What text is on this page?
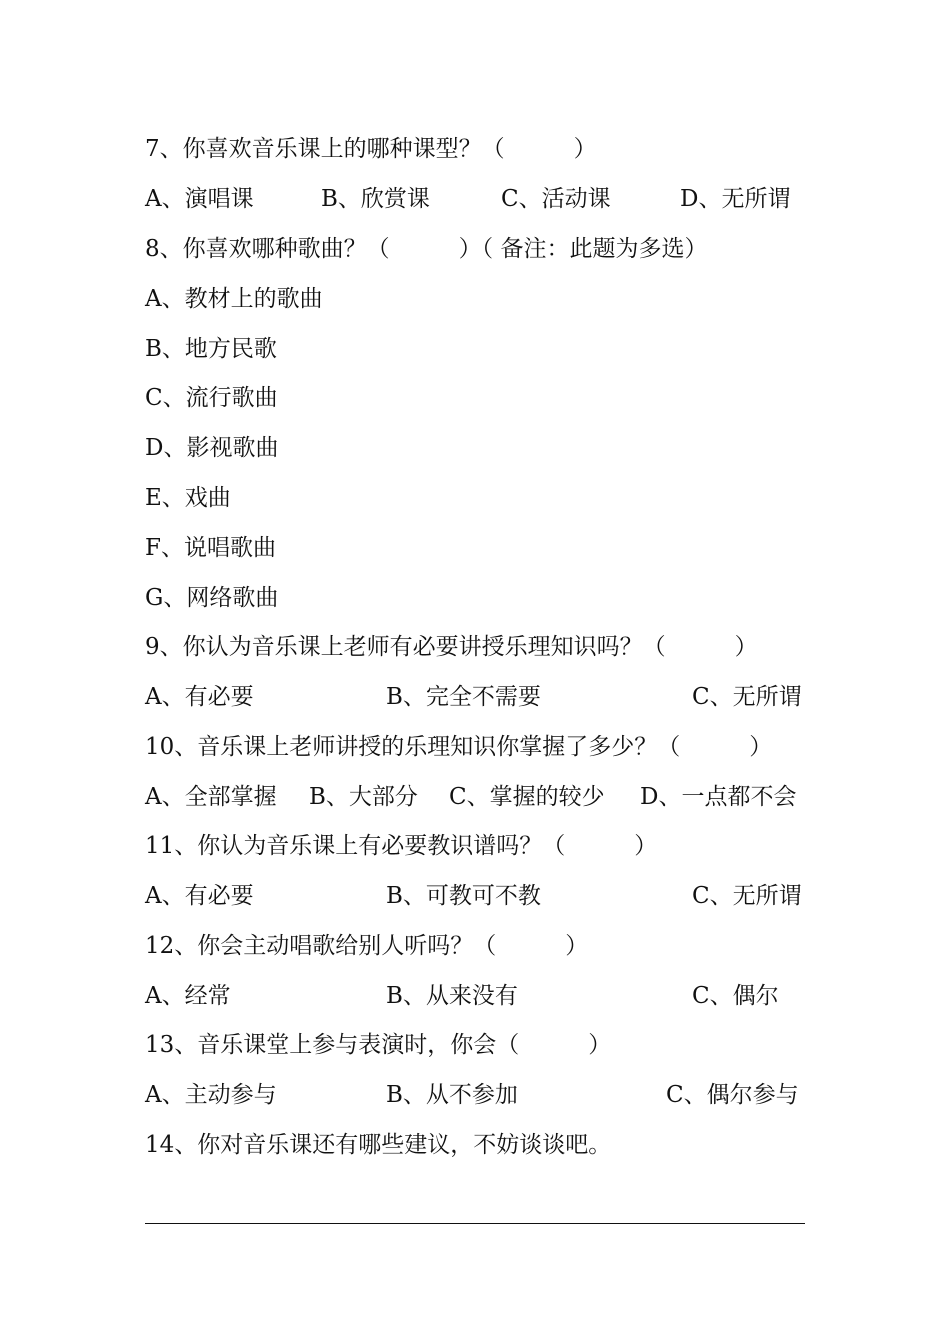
7、你喜欢音乐课上的哪种课型？（　　　）
A、演唱课	B、欣赏课	C、活动课	D、无所谓
8、你喜欢哪种歌曲？（　　　）（ 备注：此题为多选）
A、教材上的歌曲
B、地方民歌
C、流行歌曲
D、影视歌曲
E、戏曲
F、说唱歌曲
G、网络歌曲
9、你认为音乐课上老师有必要讲授乐理知识吗？（　　　）
A、有必要	B、完全不需要	C、无所谓
10、音乐课上老师讲授的乐理知识你掌握了多少？（　　　）
A、全部掌握 B、大部分 C、掌握的较少 D、一点都不会
11、你认为音乐课上有必要教识谱吗？（　　　）
A、有必要	B、可教可不教	C、无所谓
12、你会主动唱歌给别人听吗？（　　　）
A、经常	B、从来没有	C、偶尔
13、音乐课堂上参与表演时，你会（　　　）
A、主动参与	B、从不参加	C、偶尔参与
14、你对音乐课还有哪些建议，不妨谈谈吧。
